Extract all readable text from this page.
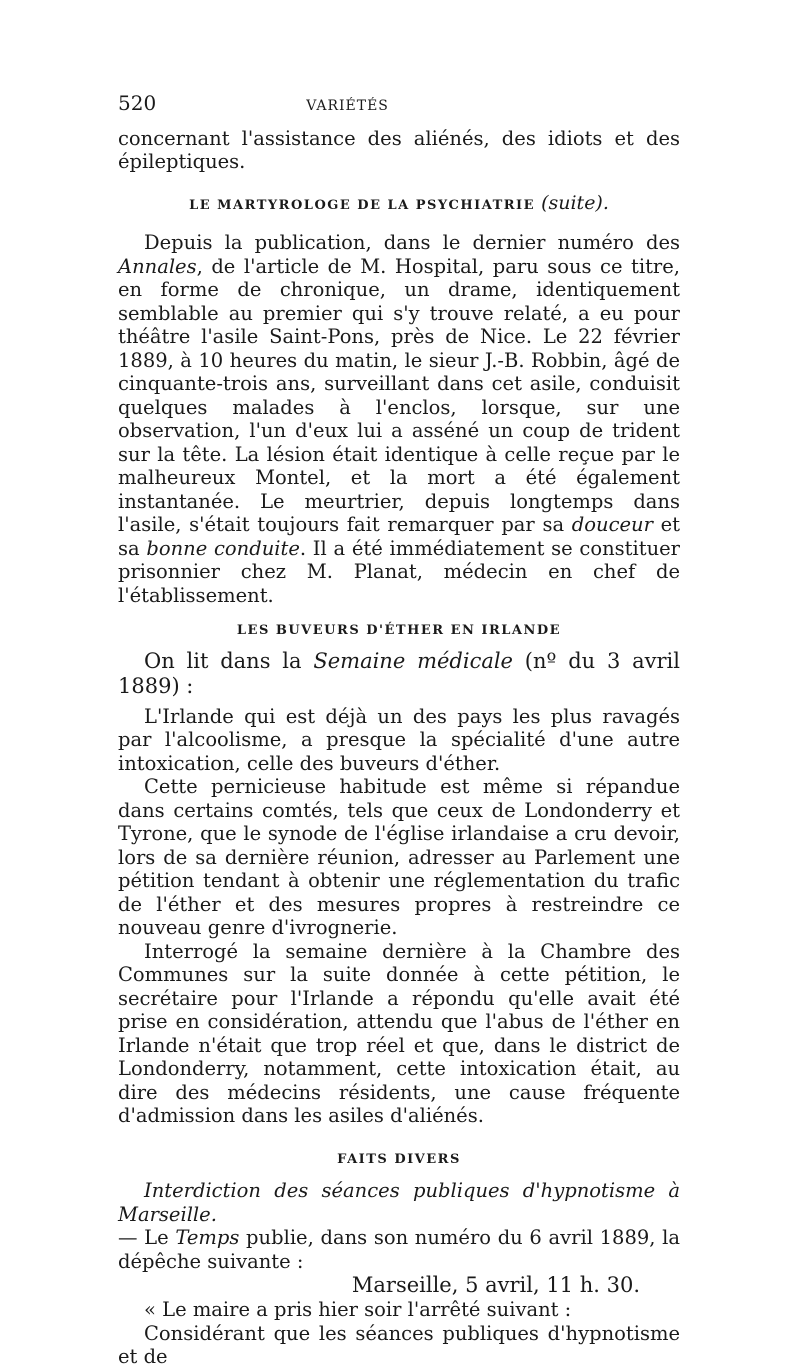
520	VARIÉTÉS

concernant l'assistance des aliénés, des idiots et des épileptiques.

LE MARTYROLOGE DE LA PSYCHIATRIE (suite).

Depuis la publication, dans le dernier numéro des Annales, de l'article de M. Hospital, paru sous ce titre, en forme de chronique, un drame, identiquement semblable au premier qui s'y trouve relaté, a eu pour théâtre l'asile Saint-Pons, près de Nice. Le 22 février 1889, à 10 heures du matin, le sieur J.-B. Robbin, âgé de cinquante-trois ans, surveillant dans cet asile, conduisit quelques malades à l'enclos, lorsque, sur une observation, l'un d'eux lui a asséné un coup de trident sur la tête. La lésion était identique à celle reçue par le malheureux Montel, et la mort a été également instantanée. Le meurtrier, depuis longtemps dans l'asile, s'était toujours fait remarquer par sa douceur et sa bonne conduite. Il a été immédiatement se constituer prisonnier chez M. Planat, médecin en chef de l'établissement.

LES BUVEURS D'ÉTHER EN IRLANDE

On lit dans la Semaine médicale (nº du 3 avril 1889) :

L'Irlande qui est déjà un des pays les plus ravagés par l'alcoolisme, a presque la spécialité d'une autre intoxication, celle des buveurs d'éther.

Cette pernicieuse habitude est même si répandue dans certains comtés, tels que ceux de Londonderry et Tyrone, que le synode de l'église irlandaise a cru devoir, lors de sa dernière réunion, adresser au Parlement une pétition tendant à obtenir une réglementation du trafic de l'éther et des mesures propres à restreindre ce nouveau genre d'ivrognerie.

Interrogé la semaine dernière à la Chambre des Communes sur la suite donnée à cette pétition, le secrétaire pour l'Irlande a répondu qu'elle avait été prise en considération, attendu que l'abus de l'éther en Irlande n'était que trop réel et que, dans le district de Londonderry, notamment, cette intoxication était, au dire des médecins résidents, une cause fréquente d'admission dans les asiles d'aliénés.

FAITS DIVERS

Interdiction des séances publiques d'hypnotisme à Marseille.

— Le Temps publie, dans son numéro du 6 avril 1889, la dépêche suivante :

Marseille, 5 avril, 11 h. 30.

« Le maire a pris hier soir l'arrêté suivant :

Considérant que les séances publiques d'hypnotisme et de
